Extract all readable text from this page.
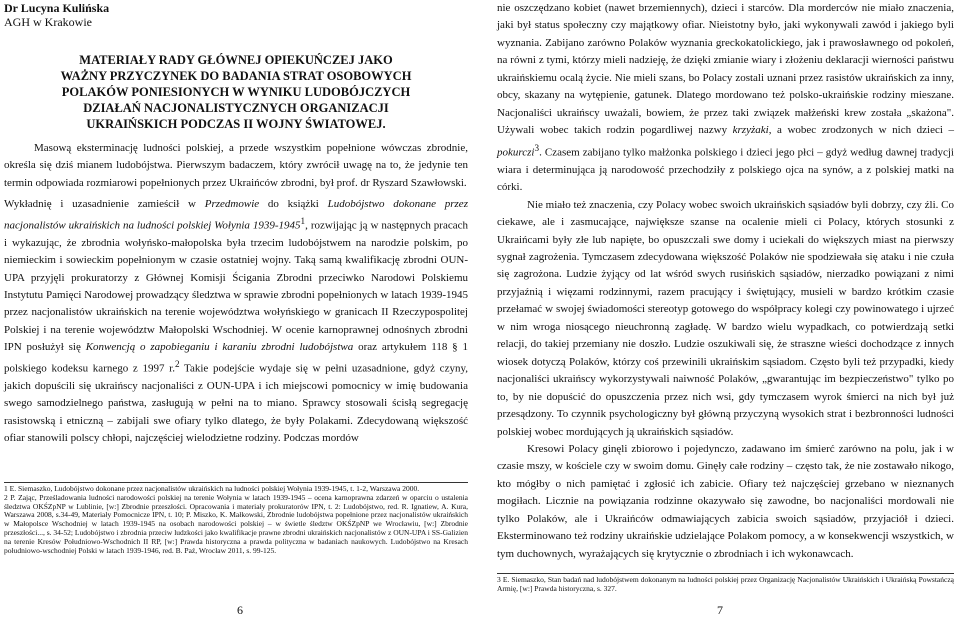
Dr Lucyna Kulińska
AGH w Krakowie
MATERIAŁY RADY GŁÓWNEJ OPIEKUŃCZEJ JAKO
WAŻNY PRZYCZYNEK DO BADANIA STRAT OSOBOWYCH
POLAKÓW PONIESIONYCH W WYNIKU LUDOBÓJCZYCH
DZIAŁAŃ NACJONALISTYCZNYCH ORGANIZACJI
UKRAIŃSKICH PODCZAS II WOJNY ŚWIATOWEJ.

Masową eksterminację ludności polskiej, a przede wszystkim popełnione wówczas zbrodnie, określa się dziś mianem ludobójstwa. Pierwszym badaczem, który zwrócił uwagę na to, że jedynie ten termin odpowiada rozmiarowi popełnionych przez Ukraińców zbrodni, był prof. dr Ryszard Szawłowski.

Wykładnię i uzasadnienie zamieścił w Przedmowie do książki Ludobójstwo dokonane przez nacjonalistów ukraińskich na ludności polskiej Wołynia 1939-1945$^1$, rozwijając ją w następnych pracach i wykazując, że zbrodnia wołyńsko-małopolska była trzecim ludobójstwem na narodzie polskim, po niemieckim i sowieckim popełnionym w czasie ostatniej wojny. Taką samą kwalifikację zbrodni OUN-UPA przyjęli prokuratorzy z Głównej Komisji Ścigania Zbrodni przeciwko Narodowi Polskiemu Instytutu Pamięci Narodowej prowadzący śledztwa w sprawie zbrodni popełnionych w latach 1939-1945 przez nacjonalistów ukraińskich na terenie województwa wołyńskiego w granicach II Rzeczypospolitej Polskiej i na terenie województw Małopolski Wschodniej. W ocenie karnoprawnej odnośnych zbrodni IPN posłużył się Konwencją o zapobieganiu i karaniu zbrodni ludobójstwa oraz artykułem 118 § 1 polskiego kodeksu karnego z 1997 r.$^2$ Takie podejście wydaje się w pełni uzasadnione, gdyż czyny, jakich dopuścili się ukraińscy nacjonaliści z OUN-UPA i ich miejscowi pomocnicy w imię budowania swego samodzielnego państwa, zasługują w pełni na to miano. Sprawcy stosowali ścisłą segregację rasistowską i etniczną – zabijali swe ofiary tylko dlatego, że były Polakami. Zdecydowaną większość ofiar stanowili polscy chłopi, najczęściej wielodzietne rodziny. Podczas mordów

1 E. Siemaszko, Ludobójstwo dokonane przez nacjonalistów ukraińskich na ludności polskiej Wołynia 1939-1945, t. 1-2, Warszawa 2000.

2 P. Zając, Prześladowania ludności narodowości polskiej na terenie Wołynia w latach 1939-1945 – ocena karnoprawna zdarzeń w oparciu o ustalenia śledztwa OKŚZpNP w Lublinie, [w:] Zbrodnie przeszłości. Opracowania i materiały prokuratorów IPN, t. 2: Ludobójstwo, red. R. Ignatiew, A. Kura, Warszawa 2008, s.34-49, Materiały Pomocnicze IPN, t. 10; P. Miszko, K. Małkowski, Zbrodnie ludobójstwa popełnione przez nacjonalistów ukraińskich w Małopolsce Wschodniej w latach 1939-1945 na osobach narodowości polskiej – w świetle śledztw OKŚZpNP we Wrocławiu, [w:] Zbrodnie przeszłości..., s. 34-52; Ludobójstwo i zbrodnia przeciw ludzkości jako kwalifikacje prawne zbrodni ukraińskich nacjonalistów z OUN-UPA i SS-Galizien na terenie Kresów Południowo-Wschodnich II RP, [w:] Prawda historyczna a prawda polityczna w badaniach naukowych. Ludobójstwo na Kresach południowo-wschodniej Polski w latach 1939-1946, red. B. Paź, Wrocław 2011, s. 99-125.

6

nie oszczędzano kobiet (nawet brzemiennych), dzieci i starców. Dla morderców nie miało znaczenia, jaki był status społeczny czy majątkowy ofiar. Nieistotny było, jaki wykonywali zawód i jakiego byli wyznania. Zabijano zarówno Polaków wyznania greckokatolickiego, jak i prawosławnego od pokoleń, na równi z tymi, którzy mieli nadzieję, że dzięki zmianie wiary i złożeniu deklaracji wierności państwu ukraińskiemu ocalą życie. Nie mieli szans, bo Polacy zostali uznani przez rasistów ukraińskich za inny, obcy, skazany na wytępienie, gatunek. Dlatego mordowano też polsko-ukraińskie rodziny mieszane. Nacjonaliści ukraińscy uważali, bowiem, że przez taki związek małżeński krew została „skażona". Używali wobec takich rodzin pogardliwej nazwy krzyżaki, a wobec zrodzonych w nich dzieci – pokurczi$^3$. Czasem zabijano tylko małżonka polskiego i dzieci jego płci – gdyż według dawnej tradycji wiara i determinująca ją narodowość przechodziły z polskiego ojca na synów, a z polskiej matki na córki.

Nie miało też znaczenia, czy Polacy wobec swoich ukraińskich sąsiadów byli dobrzy, czy źli. Co ciekawe, ale i zasmucające, największe szanse na ocalenie mieli ci Polacy, których stosunki z Ukraińcami były złe lub napięte, bo opuszczali swe domy i uciekali do większych miast na pierwszy sygnał zagrożenia. Tymczasem zdecydowana większość Polaków nie spodziewała się ataku i nie czuła się zagrożona. Ludzie żyjący od lat wśród swych rusińskich sąsiadów, nierzadko powiązani z nimi przyjaźnią i więzami rodzinnymi, razem pracujący i świętujący, musieli w bardzo krótkim czasie przełamać w swojej świadomości stereotyp gotowego do współpracy kolegi czy powinowatego i ujrzeć w nim wroga niosącego nieuchronną zagładę. W bardzo wielu wypadkach, co potwierdzają setki relacji, do takiej przemiany nie doszło. Ludzie oszukiwali się, że straszne wieści dochodzące z innych wiosek dotyczą Polaków, którzy coś przewinili ukraińskim sąsiadom. Często byli też przypadki, kiedy nacjonaliści ukraińscy wykorzystywali naiwność Polaków, „gwarantując im bezpieczeństwo" tylko po to, by nie dopuścić do opuszczenia przez nich wsi, gdy tymczasem wyrok śmierci na nich był już przesądzony. To czynnik psychologiczny był główną przyczyną wysokich strat i bezbronności ludności polskiej wobec mordujących ją ukraińskich sąsiadów.

Kresowi Polacy ginęli zbiorowo i pojedynczo, zadawano im śmierć zarówno na polu, jak i w czasie mszy, w kościele czy w swoim domu. Ginęły całe rodziny – często tak, że nie zostawało nikogo, kto mógłby o nich pamiętać i zgłosić ich zabicie. Ofiary też najczęściej grzebano w nieznanych mogiłach. Licznie na powiązania rodzinne okazywało się zawodne, bo nacjonaliści mordowali nie tylko Polaków, ale i Ukraińców odmawiających zabicia swoich sąsiadów, przyjaciół i dzieci. Eksterminowano też rodziny ukraińskie udzielające Polakom pomocy, a w konsekwencji wszystkich, w tym duchownych, wyrażających się krytycznie o zbrodniach i ich wykonawcach.

3 E. Siemaszko, Stan badań nad ludobójstwem dokonanym na ludności polskiej przez Organizację Nacjonalistów Ukraińskich i Ukraińską Powstańczą Armię, [w:] Prawda historyczna, s. 327.

7
